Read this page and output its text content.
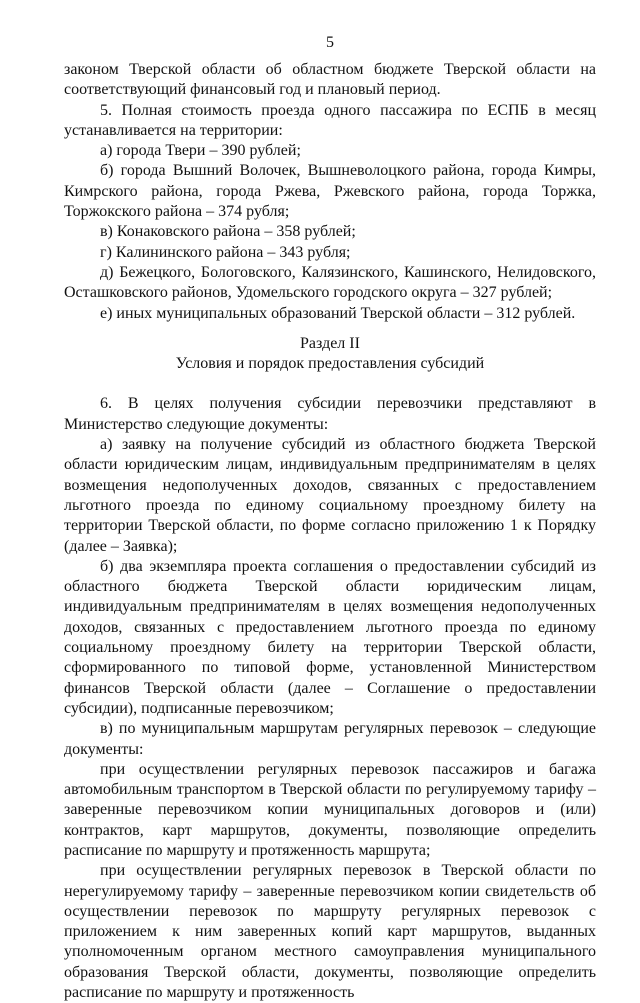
5

законом Тверской области об областном бюджете Тверской области на соответствующий финансовый год и плановый период.

5. Полная стоимость проезда одного пассажира по ЕСПБ в месяц устанавливается на территории:

а) города Твери – 390 рублей;

б) города Вышний Волочек, Вышневолоцкого района, города Кимры, Кимрского района, города Ржева, Ржевского района, города Торжка, Торжокского района – 374 рубля;

в) Конаковского района – 358 рублей;

г) Калининского района – 343 рубля;

д) Бежецкого, Бологовского, Калязинского, Кашинского, Нелидовского, Осташковского районов, Удомельского городского округа – 327 рублей;

е) иных муниципальных образований Тверской области – 312 рублей.

Раздел II

Условия и порядок предоставления субсидий

6. В целях получения субсидии перевозчики представляют в Министерство следующие документы:

а) заявку на получение субсидий из областного бюджета Тверской области юридическим лицам, индивидуальным предпринимателям в целях возмещения недополученных доходов, связанных с предоставлением льготного проезда по единому социальному проездному билету на территории Тверской области, по форме согласно приложению 1 к Порядку (далее – Заявка);

б) два экземпляра проекта соглашения о предоставлении субсидий из областного бюджета Тверской области юридическим лицам, индивидуальным предпринимателям в целях возмещения недополученных доходов, связанных с предоставлением льготного проезда по единому социальному проездному билету на территории Тверской области, сформированного по типовой форме, установленной Министерством финансов Тверской области (далее – Соглашение о предоставлении субсидии), подписанные перевозчиком;

в) по муниципальным маршрутам регулярных перевозок – следующие документы:

при осуществлении регулярных перевозок пассажиров и багажа автомобильным транспортом в Тверской области по регулируемому тарифу – заверенные перевозчиком копии муниципальных договоров и (или) контрактов, карт маршрутов, документы, позволяющие определить расписание по маршруту и протяженность маршрута;

при осуществлении регулярных перевозок в Тверской области по нерегулируемому тарифу – заверенные перевозчиком копии свидетельств об осуществлении перевозок по маршруту регулярных перевозок с приложением к ним заверенных копий карт маршрутов, выданных уполномоченным органом местного самоуправления муниципального образования Тверской области, документы, позволяющие определить расписание по маршруту и протяженность
